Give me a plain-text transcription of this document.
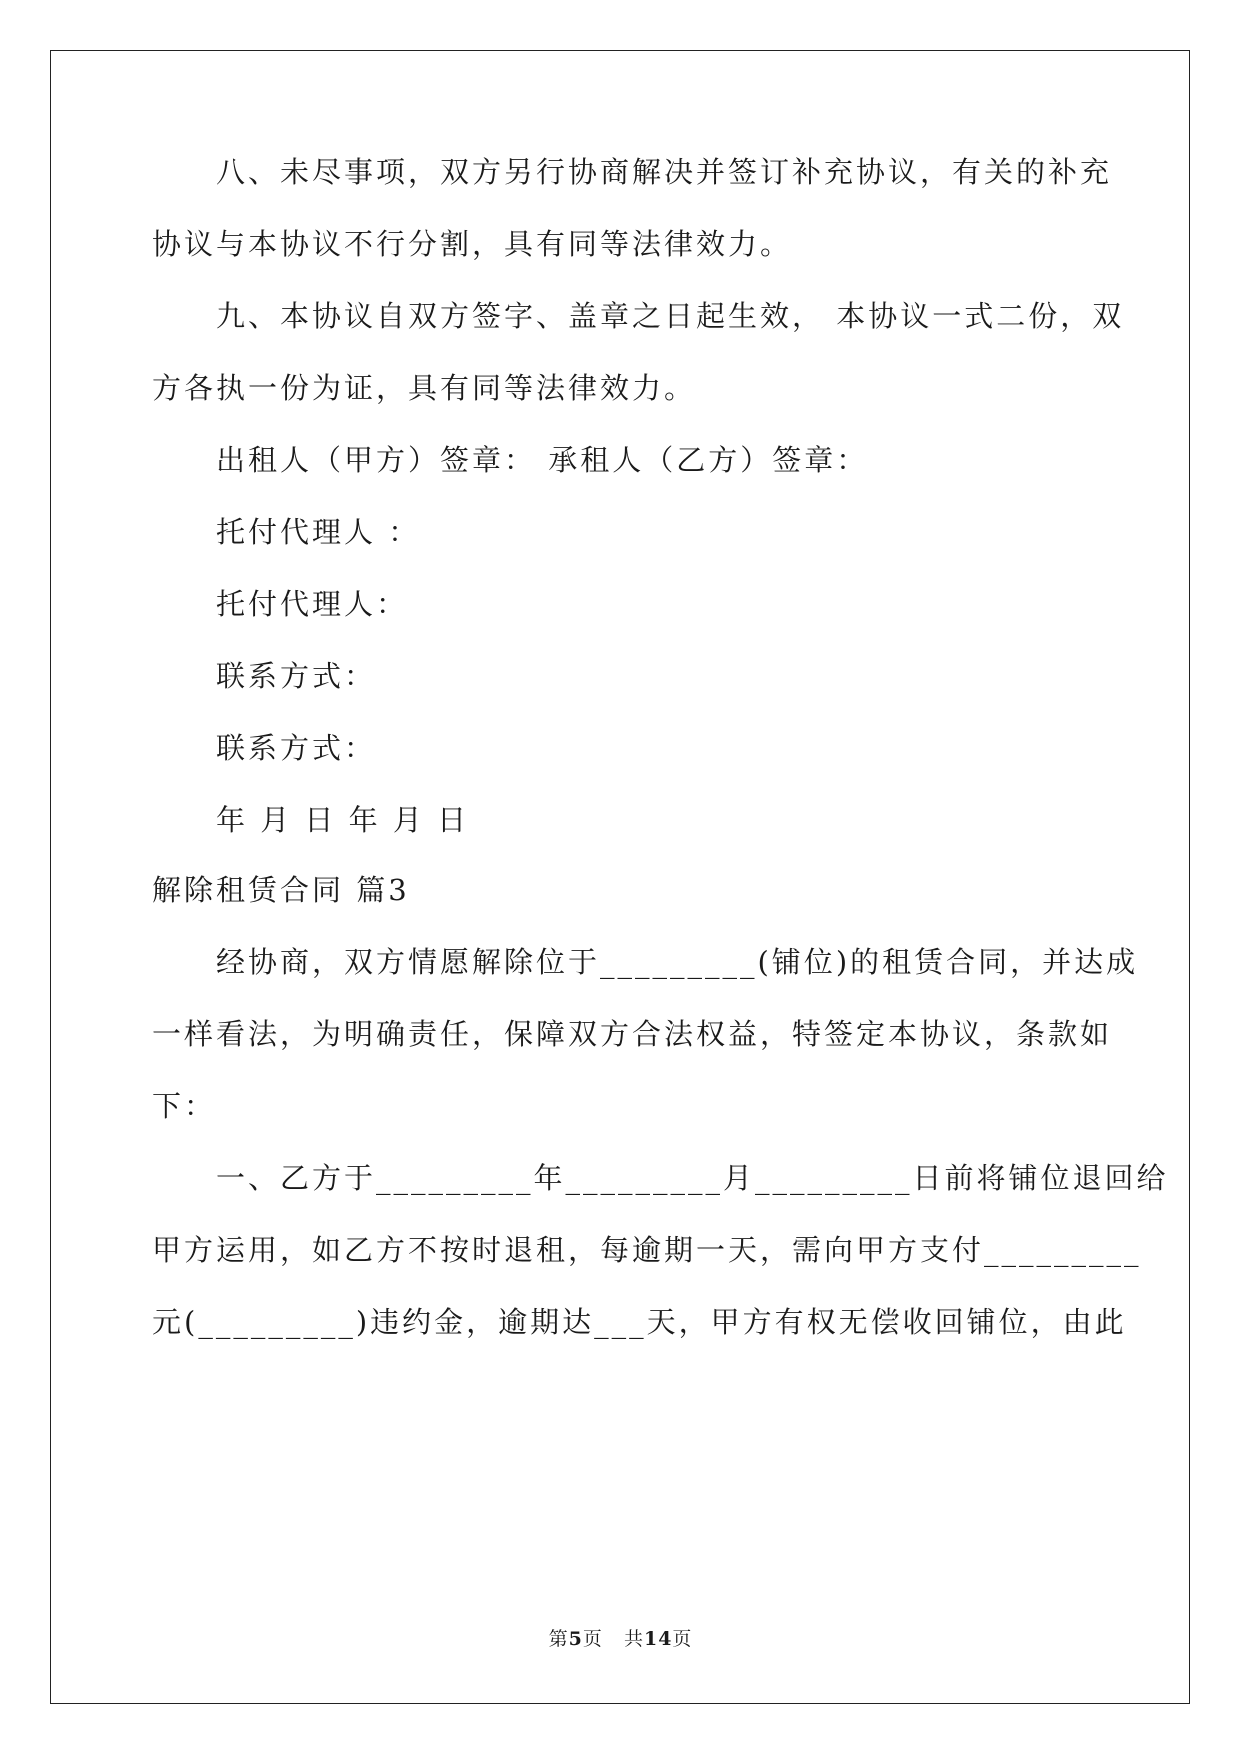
八、未尽事项，双方另行协商解决并签订补充协议，有关的补充
协议与本协议不行分割，具有同等法律效力。
九、本协议自双方签字、盖章之日起生效， 本协议一式二份，双
方各执一份为证，具有同等法律效力。
出租人（甲方）签章： 承租人（乙方）签章：
托付代理人 ：
托付代理人：
联系方式：
联系方式：
年 月 日 年 月 日
解除租赁合同 篇3
经协商，双方情愿解除位于_________(铺位)的租赁合同，并达成
一样看法，为明确责任，保障双方合法权益，特签定本协议，条款如
下：
一、乙方于_________年_________月_________日前将铺位退回给
甲方运用，如乙方不按时退租，每逾期一天，需向甲方支付_________
元(_________)违约金，逾期达___天，甲方有权无偿收回铺位，由此
第5页 共14页
